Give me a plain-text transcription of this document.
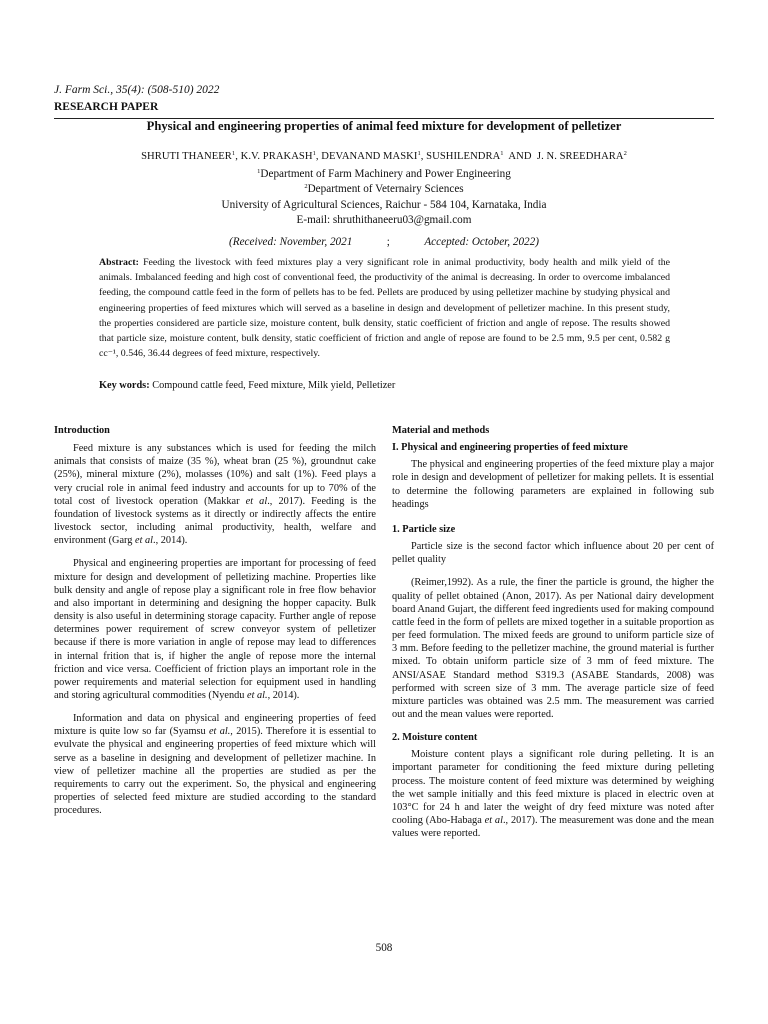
J. Farm Sci., 35(4): (508-510) 2022
RESEARCH PAPER
Physical and engineering properties of animal feed mixture for development of pelletizer
SHRUTI THANEER$^1$, K.V. PRAKASH$^1$, DEVANAND MASKI$^1$, SUSHILENDRA$^1$  AND  J. N. SREEDHARA$^2$
$^1$Department of Farm Machinery and Power Engineering
$^2$Department of Veternairy Sciences
University of Agricultural Sciences, Raichur - 584 104, Karnataka, India
E-mail: shruthithaneeru03@gmail.com
(Received: November, 2021	;	Accepted: October, 2022)
Abstract: Feeding the livestock with feed mixtures play a very significant role in animal productivity, body health and milk yield of the animals. Imbalanced feeding and high cost of conventional feed, the productivity of the animal is decreasing. In order to overcome imbalanced feeding, the compound cattle feed in the form of pellets has to be fed. Pellets are produced by using pelletizer machine by studying physical and engineering properties of feed mixtures which will served as a baseline in design and development of pelletizer machine. In this present study, the properties considered are particle size, moisture content, bulk density, static coefficient of friction and angle of repose. The results showed that particle size, moisture content, bulk density, static coefficient of friction and angle of repose are found to be 2.5 mm, 9.5 per cent, 0.582 g cc⁻¹, 0.546, 36.44 degrees of feed mixture, respectively.
Key words: Compound cattle feed, Feed mixture, Milk yield, Pelletizer
Introduction

Feed mixture is any substances which is used for feeding the milch animals that consists of maize (35 %), wheat bran (25 %), groundnut cake (25%), mineral mixture (2%), molasses (10%) and salt (1%). Feed plays a very crucial role in animal feed industry and accounts for up to 70% of the total cost of livestock operation (Makkar et al., 2017). Feeding is the foundation of livestock systems as it directly or indirectly affects the entire livestock sector, including animal productivity, health, welfare and environment (Garg et al., 2014).

Physical and engineering properties are important for processing of feed mixture for design and development of pelletizing machine. Properties like bulk density and angle of repose play a significant role in free flow behavior and also important in determining and designing the hopper capacity. Bulk density is also useful in determining storage capacity. Further angle of repose determines power requirement of screw conveyor system of pelletizer because if there is more variation in angle of repose may lead to differences in internal frition that is, if higher the angle of repose more the internal friction and vice versa. Coefficient of friction plays an important role in the power requirements and material selection for equipment used in handling and storing agricultural commodities (Nyendu et al., 2014).

Information and data on physical and engineering properties of feed mixture is quite low so far (Syamsu et al., 2015). Therefore it is essential to evulvate the physical and engineering properties of feed mixture which will serve as a baseline in designing and development of pelletizer machine. In view of pelletizer machine all the properties are studied as per the requirements to carry out the experiment. So, the physical and engineering properties of selected feed mixture are studied according to the standard procedures.

Material and methods
I. Physical and engineering properties of feed mixture

The physical and engineering properties of the feed mixture play a major role in design and development of pelletizer for making pellets. It is essential to determine the following parameters are explained in following sub headings

1. Particle size

Particle size is the second factor which influence about 20 per cent of pellet quality

(Reimer,1992). As a rule, the finer the particle is ground, the higher the quality of pellet obtained (Anon, 2017). As per National dairy development board Anand Gujart, the different feed ingredients used for making compound cattle feed in the form of pellets are mixed together in a suitable proportion as per feed formulation. The mixed feeds are ground to uniform particle size of 3 mm. Before feeding to the pelletizer machine, the ground material is further mixed. To obtain uniform particle size of 3 mm of feed mixture. The ANSI/ASAE Standard method S319.3 (ASABE Standards, 2008) was performed with screen size of 3 mm. The average particle size of feed mixture particles was obtained was 2.5 mm. The measurement was carried out and the mean values were reported.

2. Moisture content

Moisture content plays a significant role during pelleting. It is an important parameter for conditioning the feed mixture during pelleting process. The moisture content of feed mixture was determined by weighing the wet sample initially and this feed mixture is placed in electric oven at 103°C for 24 h and later the weight of dry feed mixture was noted after cooling (Abo-Habaga et al., 2017). The measurement was done and the mean values were reported.

508
